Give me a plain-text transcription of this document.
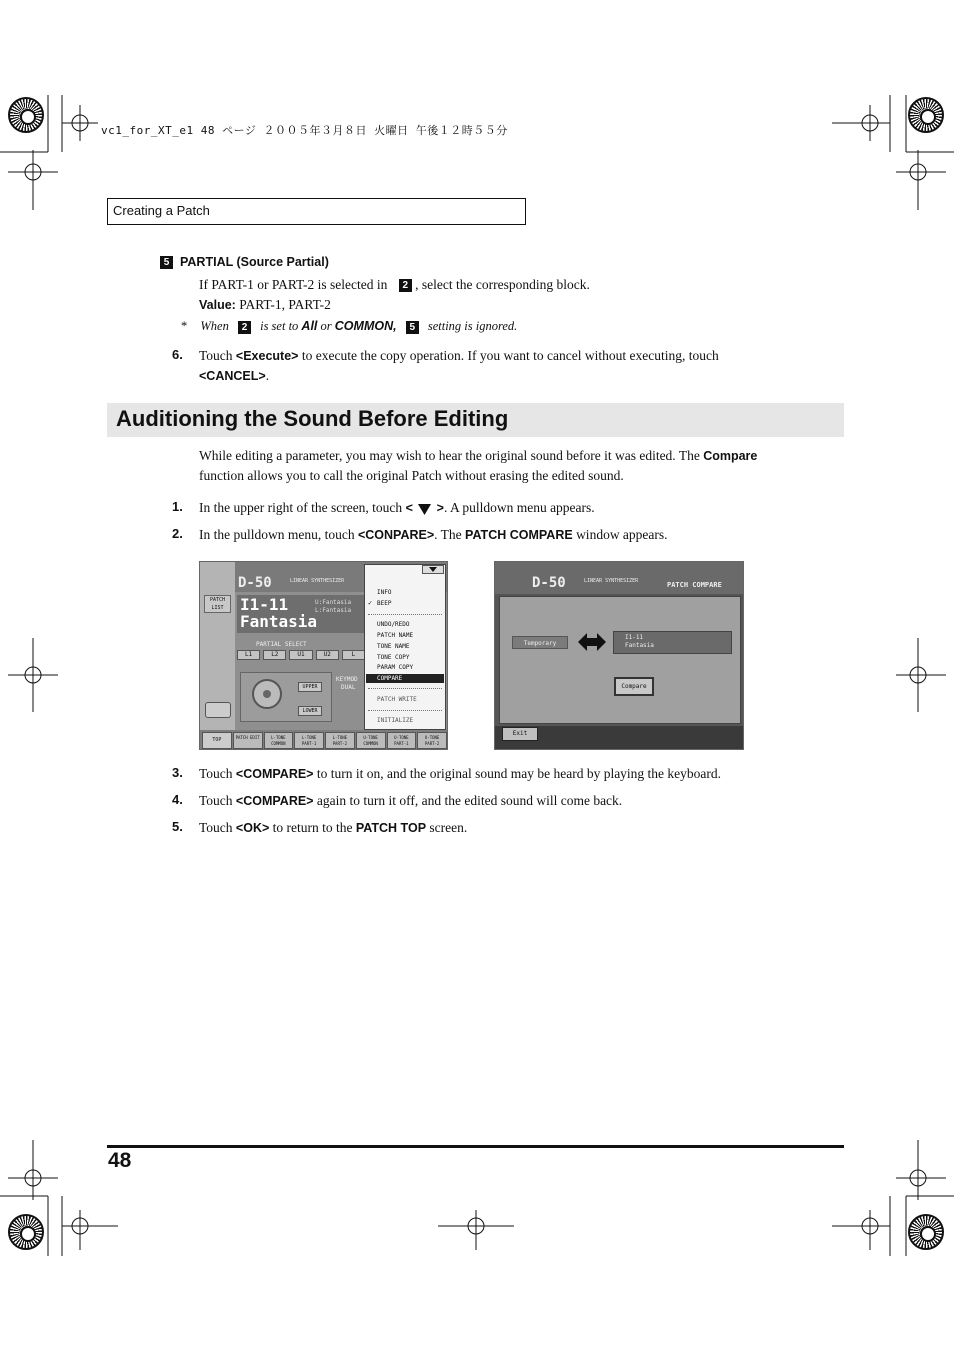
vc1_for_XT_e1 48 ページ ２００５年３月８日 火曜日 午後１２時５５分
Creating a Patch
5 PARTIAL (Source Partial)
If PART-1 or PART-2 is selected in 2 , select the corresponding block.
Value: PART-1, PART-2
* When 2 is set to All or COMMON, 5 setting is ignored.
6. Touch <Execute> to execute the copy operation. If you want to cancel without executing, touch <CANCEL>.
Auditioning the Sound Before Editing
While editing a parameter, you may wish to hear the original sound before it was edited. The Compare function allows you to call the original Patch without erasing the edited sound.
1. In the upper right of the screen, touch < >. A pulldown menu appears.
2. In the pulldown menu, touch <CONPARE>. The PATCH COMPARE window appears.
PATCH LIST
D-50	LINEAR SYNTHESIZER
I1-11
Fantasia
U:Fantasia
L:Fantasia
PARTIAL SELECT
L1	L2	U1	U2	L
UPPER
LOWER
KEYMOD
DUAL
INFO
✓ BEEP
UNDO/REDO
PATCH NAME
TONE NAME
TONE COPY
PARAM COPY
COMPARE
PATCH WRITE
INITIALIZE
TOP	PATCH EDIT	L-TONE COMMON
L-TONE PART-1
L-TONE PART-2
U-TONE COMMON
U-TONE PART-1
U-TONE PART-2
D-50	LINEAR SYNTHESIZER	PATCH COMPARE
Temporary
I1-11
Fantasia
Compare
Exit
3. Touch <COMPARE> to turn it on, and the original sound may be heard by playing the keyboard.
4. Touch <COMPARE> again to turn it off, and the edited sound will come back.
5. Touch <OK> to return to the PATCH TOP screen.
48
